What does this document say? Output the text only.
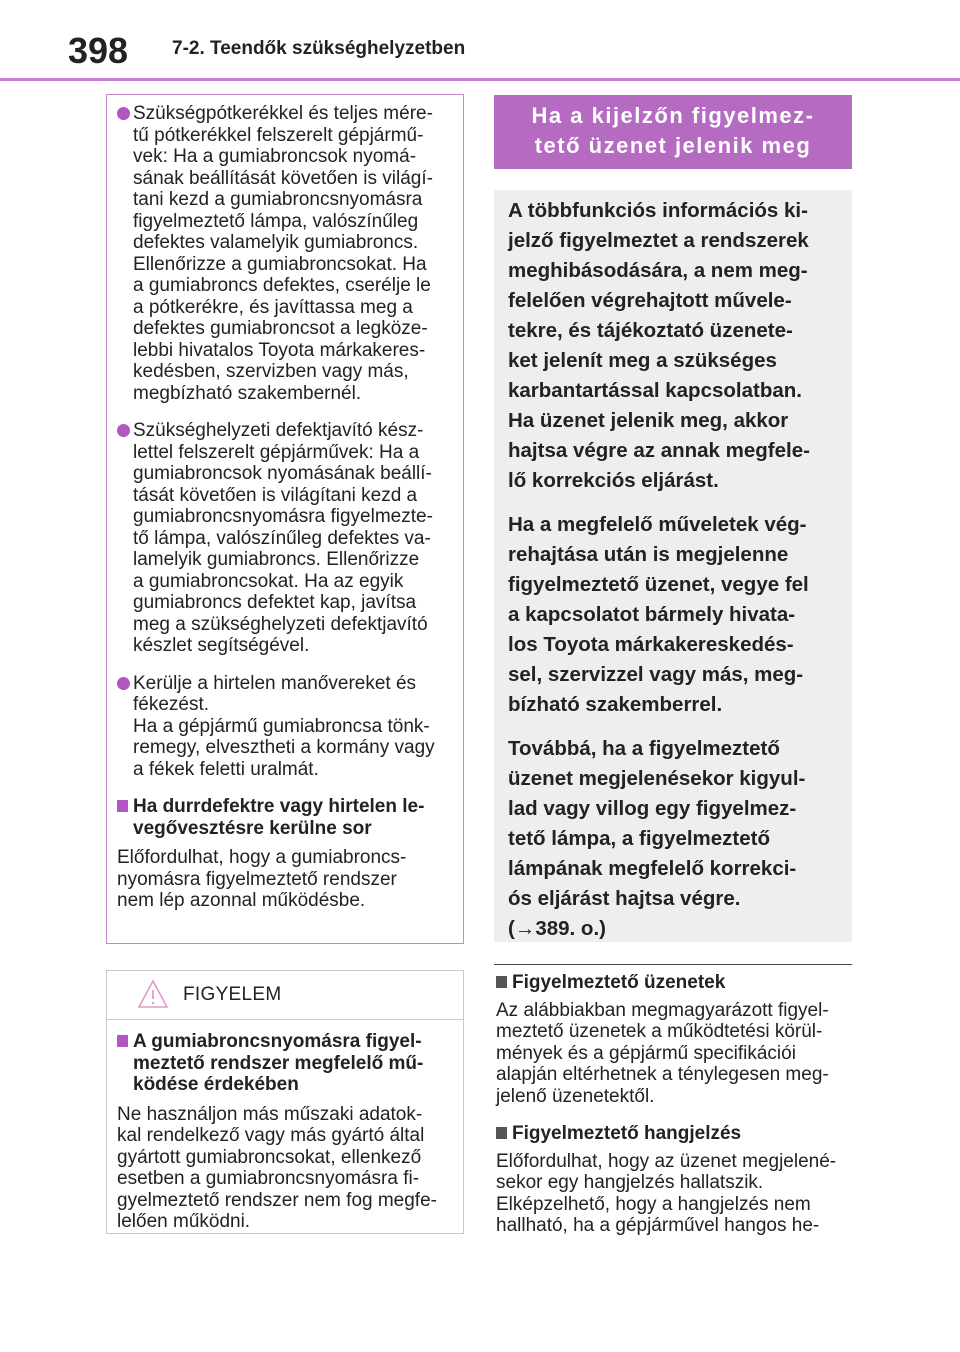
398 7-2. Teendők szükséghelyzetben
Szükségpótkerékkel és teljes mére-
tű pótkerékkel felszerelt gépjármű-
vek: Ha a gumiabroncsok nyomá-
sának beállítását követően is világí-
tani kezd a gumiabroncsnyomásra
figyelmeztető lámpa, valószínűleg
defektes valamelyik gumiabroncs.
Ellenőrizze a gumiabroncsokat. Ha
a gumiabroncs defektes, cserélje le
a pótkerékre, és javíttassa meg a
defektes gumiabroncsot a legköze-
lebbi hivatalos Toyota márkakeres-
kedésben, szervizben vagy más,
megbízható szakembernél.
Szükséghelyzeti defektjavító kész-
lettel felszerelt gépjárművek: Ha a
gumiabroncsok nyomásának beállí-
tását követően is világítani kezd a
gumiabroncsnyomásra figyelmezte-
tő lámpa, valószínűleg defektes va-
lamelyik gumiabroncs. Ellenőrizze
a gumiabroncsokat. Ha az egyik
gumiabroncs defektet kap, javítsa
meg a szükséghelyzeti defektjavító
készlet segítségével.
Kerülje a hirtelen manővereket és
fékezést.
Ha a gépjármű gumiabroncsa tönk-
remegy, elvesztheti a kormány vagy
a fékek feletti uralmát.
Ha durrdefektre vagy hirtelen le-
vegővesztésre kerülne sor
Előfordulhat, hogy a gumiabroncs-
nyomásra figyelmeztető rendszer
nem lép azonnal működésbe.
FIGYELEM
A gumiabroncsnyomásra figyel-
meztető rendszer megfelelő mű-
ködése érdekében
Ne használjon más műszaki adatok-
kal rendelkező vagy más gyártó által
gyártott gumiabroncsokat, ellenkező
esetben a gumiabroncsnyomásra fi-
gyelmeztető rendszer nem fog megfe-
lelően működni.
Ha a kijelzőn figyelmez-
tető üzenet jelenik meg

A többfunkciós információs ki-
jelző figyelmeztet a rendszerek
meghibásodására, a nem meg-
felelően végrehajtott művele-
tekre, és tájékoztató üzenete-
ket jelenít meg a szükséges
karbantartással kapcsolatban.
Ha üzenet jelenik meg, akkor
hajtsa végre az annak megfele-
lő korrekciós eljárást.

Ha a megfelelő műveletek vég-
rehajtása után is megjelenne
figyelmeztető üzenet, vegye fel
a kapcsolatot bármely hivata-
los Toyota márkakereskedés-
sel, szervizzel vagy más, meg-
bízható szakemberrel.

Továbbá, ha a figyelmeztető
üzenet megjelenésekor kigyul-
lad vagy villog egy figyelmez-
tető lámpa, a figyelmeztető
lámpának megfelelő korrekci-
ós eljárást hajtsa végre.
(→389. o.)

Figyelmeztető üzenetek
Az alábbiakban megmagyarázott figyel-
meztető üzenetek a működtetési körül-
mények és a gépjármű specifikációi
alapján eltérhetnek a ténylegesen meg-
jelenő üzenetektől.
Figyelmeztető hangjelzés
Előfordulhat, hogy az üzenet megjelené-
sekor egy hangjelzés hallatszik.
Elképzelhető, hogy a hangjelzés nem
hallható, ha a gépjárművel hangos he-
